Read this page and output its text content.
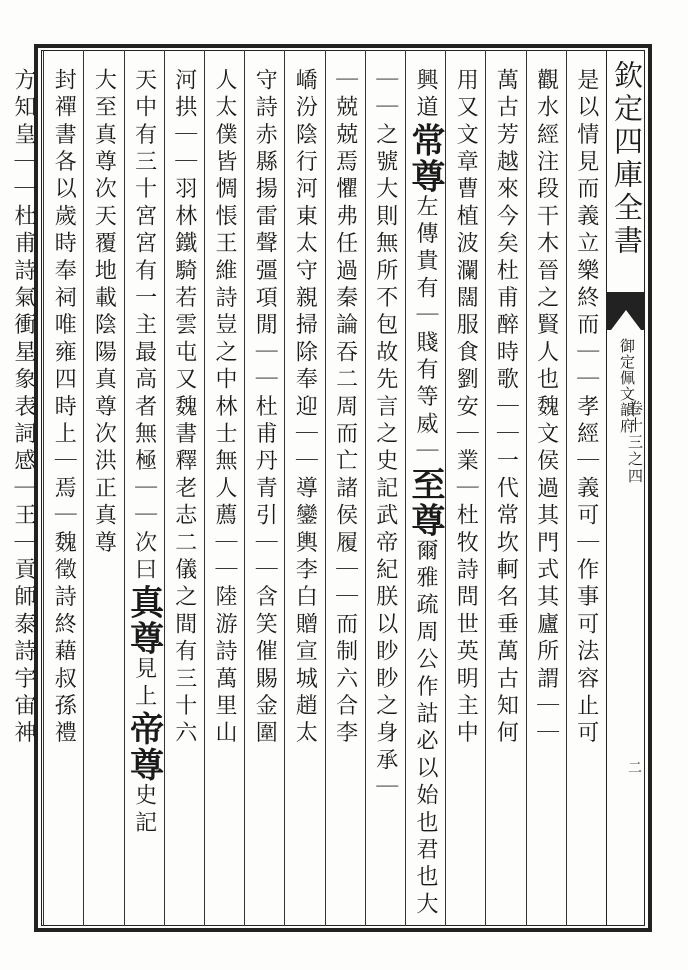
欽定四庫全書
御定佩文韻府
卷十三之四
二
是以情見而義立樂終而｜｜孝經｜義可｜作事可法容止可
觀水經注段干木晉之賢人也魏文侯過其門式其廬所謂｜｜
萬古芳越來今矣杜甫醉時歌｜｜一代常坎軻名垂萬古知何
用又文章曹植波瀾闊服食劉安｜業｜杜牧詩問世英明主中
興道常尊左傳貴有｜賤有等威｜至尊爾雅疏周公作詁必以始也君也大
｜｜之號大則無所不包故先言之史記武帝紀朕以眇眇之身承｜
｜兢兢焉懼弗任過秦論吞二周而亡諸侯履｜｜而制六合李
嶠汾陰行河東太守親掃除奉迎｜｜導鑾輿李白贈宣城趙太
守詩赤縣揚雷聲彊項閒｜｜杜甫丹青引｜｜含笑催賜金圍
人太僕皆惆悵王維詩豈之中林士無人薦｜｜陸游詩萬里山
河拱｜｜羽林鐵騎若雲屯又魏書釋老志二儀之間有三十六
天中有三十宮宮有一主最高者無極｜｜次曰真尊見上帝尊史記
大至真尊次天覆地載陰陽真尊次洪正真尊
封禪書各以歲時奉祠唯雍四時上｜焉｜魏徵詩終藉叔孫禮
方知皇｜｜杜甫詩氣衝星象表詞感｜王｜貢師泰詩宇宙神
